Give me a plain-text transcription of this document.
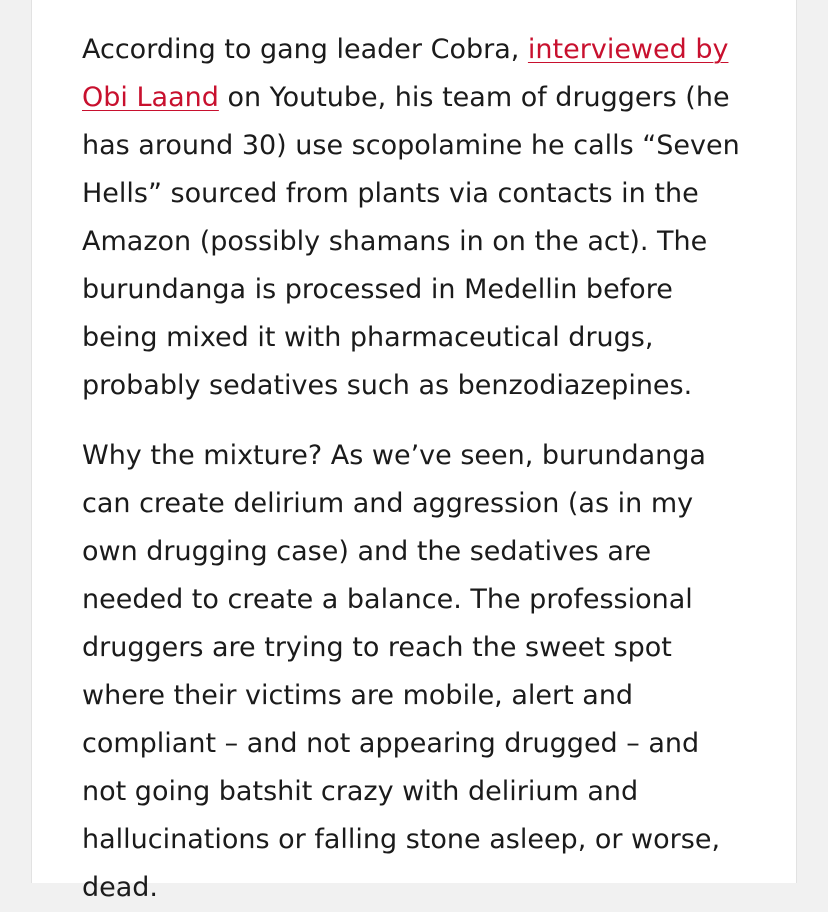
According to gang leader Cobra, interviewed by Obi Laand on Youtube, his team of druggers (he has around 30) use scopolamine he calls “Seven Hells” sourced from plants via contacts in the Amazon (possibly shamans in on the act). The burundanga is processed in Medellin before being mixed it with pharmaceutical drugs, probably sedatives such as benzodiazepines.

Why the mixture? As we’ve seen, burundanga can create delirium and aggression (as in my own drugging case) and the sedatives are needed to create a balance. The professional druggers are trying to reach the sweet spot where their victims are mobile, alert and compliant – and not appearing drugged – and not going batshit crazy with delirium and hallucinations or falling stone asleep, or worse, dead.
